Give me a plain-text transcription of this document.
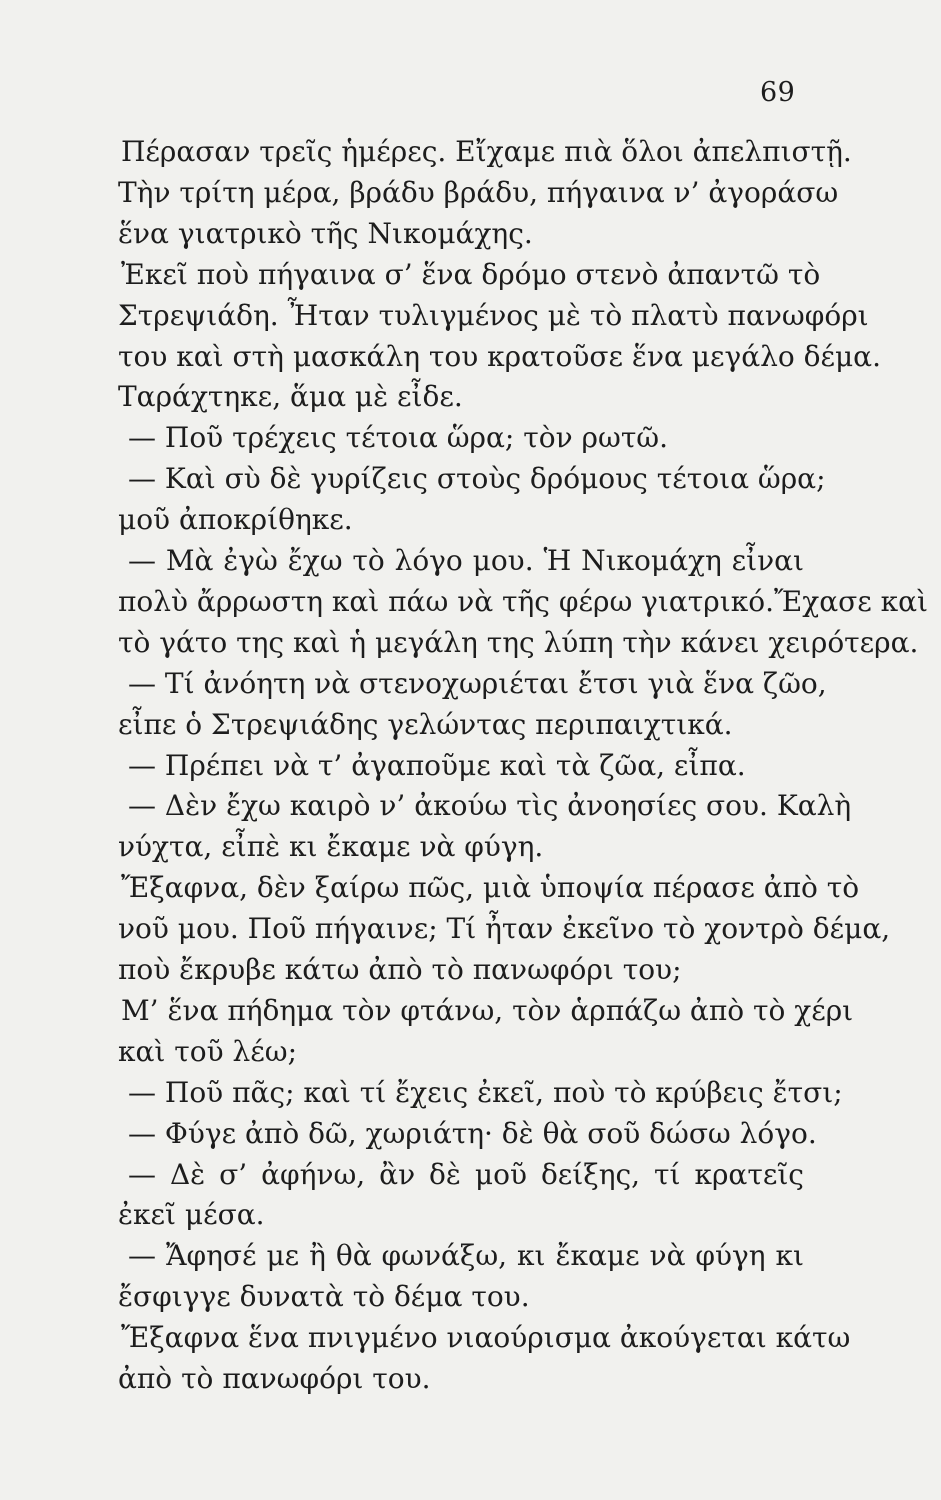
69
Πέρασαν τρεῖς ἡμέρες. Εἴχαμε πιὰ ὅλοι ἀπελπιστῇ.
Τὴν τρίτη μέρα, βράδυ βράδυ, πήγαινα ν’ ἀγοράσω
ἕνα γιατρικὸ τῆς Νικομάχης.
Ἐκεῖ ποὺ πήγαινα σ’ ἕνα δρόμο στενὸ ἀπαντῶ τὸ
Στρεψιάδη. Ἦταν τυλιγμένος μὲ τὸ πλατὺ πανωφόρι
του καὶ στὴ μασκάλη του κρατοῦσε ἕνα μεγάλο δέμα.
Ταράχτηκε, ἅμα μὲ εἶδε.
— Ποῦ τρέχεις τέτοια ὥρα; τὸν ρωτῶ.
— Καὶ σὺ δὲ γυρίζεις στοὺς δρόμους τέτοια ὥρα;
μοῦ ἀποκρίθηκε.
— Μὰ ἐγὼ ἔχω τὸ λόγο μου. Ἡ Νικομάχη εἶναι
πολὺ ἄρρωστη καὶ πάω νὰ τῆς φέρω γιατρικό.Ἔχασε καὶ
τὸ γάτο της καὶ ἡ μεγάλη της λύπη τὴν κάνει χειρότερα.
— Τί ἀνόητη νὰ στενοχωριέται ἔτσι γιὰ ἕνα ζῶο,
εἶπε ὁ Στρεψιάδης γελώντας περιπαιχτικά.
— Πρέπει νὰ τ’ ἀγαποῦμε καὶ τὰ ζῶα, εἶπα.
— Δὲν ἔχω καιρὸ ν’ ἀκούω τὶς ἀνοησίες σου. Καλὴ
νύχτα, εἶπὲ κι ἔκαμε νὰ φύγη.
Ἔξαφνα, δὲν ξαίρω πῶς, μιὰ ὑποψία πέρασε ἀπὸ τὸ
νοῦ μου. Ποῦ πήγαινε; Τί ἦταν ἐκεῖνο τὸ χοντρὸ δέμα,
ποὺ ἔκρυβε κάτω ἀπὸ τὸ πανωφόρι του;
Μ’ ἕνα πήδημα τὸν φτάνω, τὸν ἁρπάζω ἀπὸ τὸ χέρι
καὶ τοῦ λέω;
— Ποῦ πᾶς; καὶ τί ἔχεις ἐκεῖ, ποὺ τὸ κρύβεις ἔτσι;
— Φύγε ἀπὸ δῶ, χωριάτη· δὲ θὰ σοῦ δώσω λόγο.
— Δὲ σ’ ἀφήνω, ἂν δὲ μοῦ δείξης, τί κρατεῖς
ἐκεῖ μέσα.
— Ἄφησέ με ἢ θὰ φωνάξω, κι ἔκαμε νὰ φύγη κι
ἔσφιγγε δυνατὰ τὸ δέμα του.
Ἔξαφνα ἕνα πνιγμένο νιαούρισμα ἀκούγεται κάτω
ἀπὸ τὸ πανωφόρι του.
